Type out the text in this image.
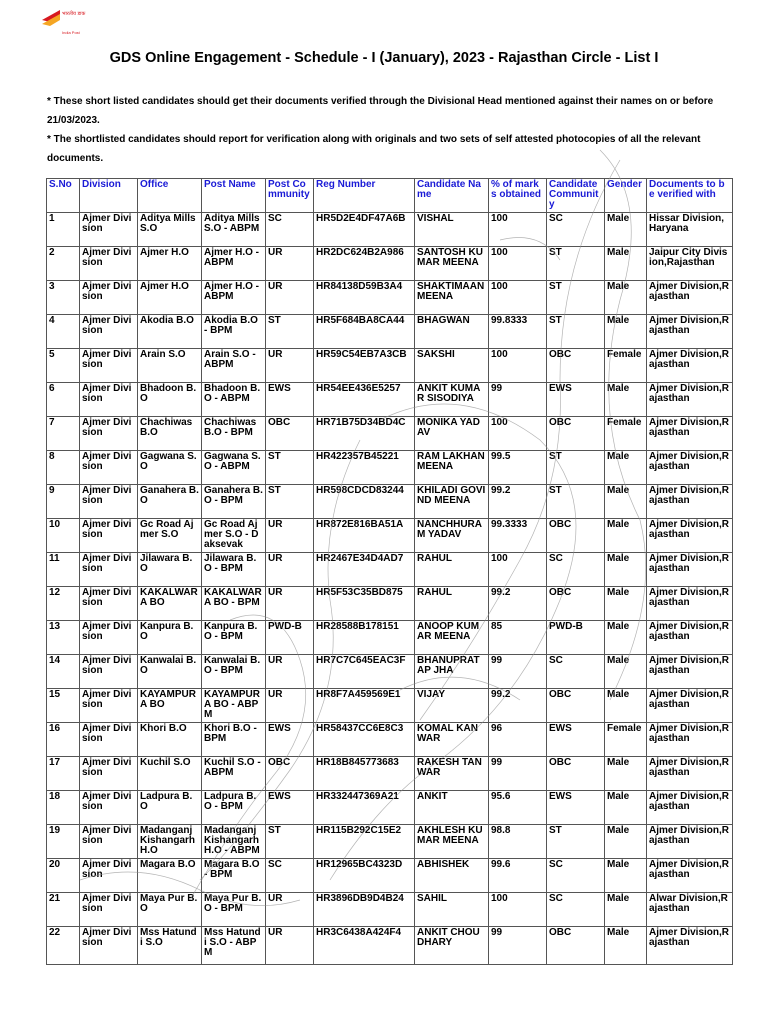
भारतीय डाक
India Post
GDS Online Engagement - Schedule - I (January), 2023 - Rajasthan Circle - List I

* These short listed candidates should get their documents verified through the Divisional Head mentioned against their names on or before 21/03/2023.

* The shortlisted candidates should report for verification along with originals and two sets of self attested photocopies of all the relevant documents.

S.No	Division	Office	Post Name	Post Community	Reg Number	Candidate Name	% of marks obtained	Candidate Community	Gender	Documents to be verified with
1	Ajmer Division	Aditya Mills S.O	Aditya Mills S.O - ABPM	SC	HR5D2E4DF47A6B	VISHAL	100	SC	Male	Hissar Division,Haryana
2	Ajmer Division	Ajmer H.O	Ajmer H.O - ABPM	UR	HR2DC624B2A986	SANTOSH KUMAR MEENA	100	ST	Male	Jaipur City Division,Rajasthan
3	Ajmer Division	Ajmer H.O	Ajmer H.O - ABPM	UR	HR84138D59B3A4	SHAKTIMAAN MEENA	100	ST	Male	Ajmer Division,Rajasthan
4	Ajmer Division	Akodia B.O	Akodia B.O - BPM	ST	HR5F684BA8CA44	BHAGWAN	99.8333	ST	Male	Ajmer Division,Rajasthan
5	Ajmer Division	Arain S.O	Arain S.O - ABPM	UR	HR59C54EB7A3CB	SAKSHI	100	OBC	Female	Ajmer Division,Rajasthan
6	Ajmer Division	Bhadoon B.O	Bhadoon B.O - ABPM	EWS	HR54EE436E5257	ANKIT KUMAR SISODIYA	99	EWS	Male	Ajmer Division,Rajasthan
7	Ajmer Division	Chachiwas B.O	Chachiwas B.O - BPM	OBC	HR71B75D34BD4C	MONIKA YADAV	100	OBC	Female	Ajmer Division,Rajasthan
8	Ajmer Division	Gagwana S.O	Gagwana S.O - ABPM	ST	HR422357B45221	RAM LAKHAN MEENA	99.5	ST	Male	Ajmer Division,Rajasthan
9	Ajmer Division	Ganahera B.O	Ganahera B.O - BPM	ST	HR598CDCD83244	KHILADI GOVIND MEENA	99.2	ST	Male	Ajmer Division,Rajasthan
10	Ajmer Division	Gc Road Ajmer S.O	Gc Road Ajmer S.O - Daksevak	UR	HR872E816BA51A	NANCHHURAM YADAV	99.3333	OBC	Male	Ajmer Division,Rajasthan
11	Ajmer Division	Jilawara B.O	Jilawara B.O - BPM	UR	HR2467E34D4AD7	RAHUL	100	SC	Male	Ajmer Division,Rajasthan
12	Ajmer Division	KAKALWARA BO	KAKALWARA BO - BPM	UR	HR5F53C35BD875	RAHUL	99.2	OBC	Male	Ajmer Division,Rajasthan
13	Ajmer Division	Kanpura B.O	Kanpura B.O - BPM	PWD-B	HR28588B178151	ANOOP KUMAR MEENA	85	PWD-B	Male	Ajmer Division,Rajasthan
14	Ajmer Division	Kanwalai B.O	Kanwalai B.O - BPM	UR	HR7C7C645EAC3F	BHANUPRATAP JHA	99	SC	Male	Ajmer Division,Rajasthan
15	Ajmer Division	KAYAMPURA BO	KAYAMPURA BO - ABPM	UR	HR8F7A459569E1	VIJAY	99.2	OBC	Male	Ajmer Division,Rajasthan
16	Ajmer Division	Khori B.O	Khori B.O - BPM	EWS	HR58437CC6E8C3	KOMAL KANWAR	96	EWS	Female	Ajmer Division,Rajasthan
17	Ajmer Division	Kuchil S.O	Kuchil S.O - ABPM	OBC	HR18B845773683	RAKESH TANWAR	99	OBC	Male	Ajmer Division,Rajasthan
18	Ajmer Division	Ladpura B.O	Ladpura B.O - BPM	EWS	HR332447369A21	ANKIT	95.6	EWS	Male	Ajmer Division,Rajasthan
19	Ajmer Division	Madanganj Kishangarh H.O	Madanganj Kishangarh H.O - ABPM	ST	HR115B292C15E2	AKHLESH KUMAR MEENA	98.8	ST	Male	Ajmer Division,Rajasthan
20	Ajmer Division	Magara B.O	Magara B.O - BPM	SC	HR12965BC4323D	ABHISHEK	99.6	SC	Male	Ajmer Division,Rajasthan
21	Ajmer Division	Maya Pur B.O	Maya Pur B.O - BPM	UR	HR3896DB9D4B24	SAHIL	100	SC	Male	Alwar Division,Rajasthan
22	Ajmer Division	Mss Hatundi S.O	Mss Hatundi S.O - ABPM	UR	HR3C6438A424F4	ANKIT CHOUDHARY	99	OBC	Male	Ajmer Division,Rajasthan
